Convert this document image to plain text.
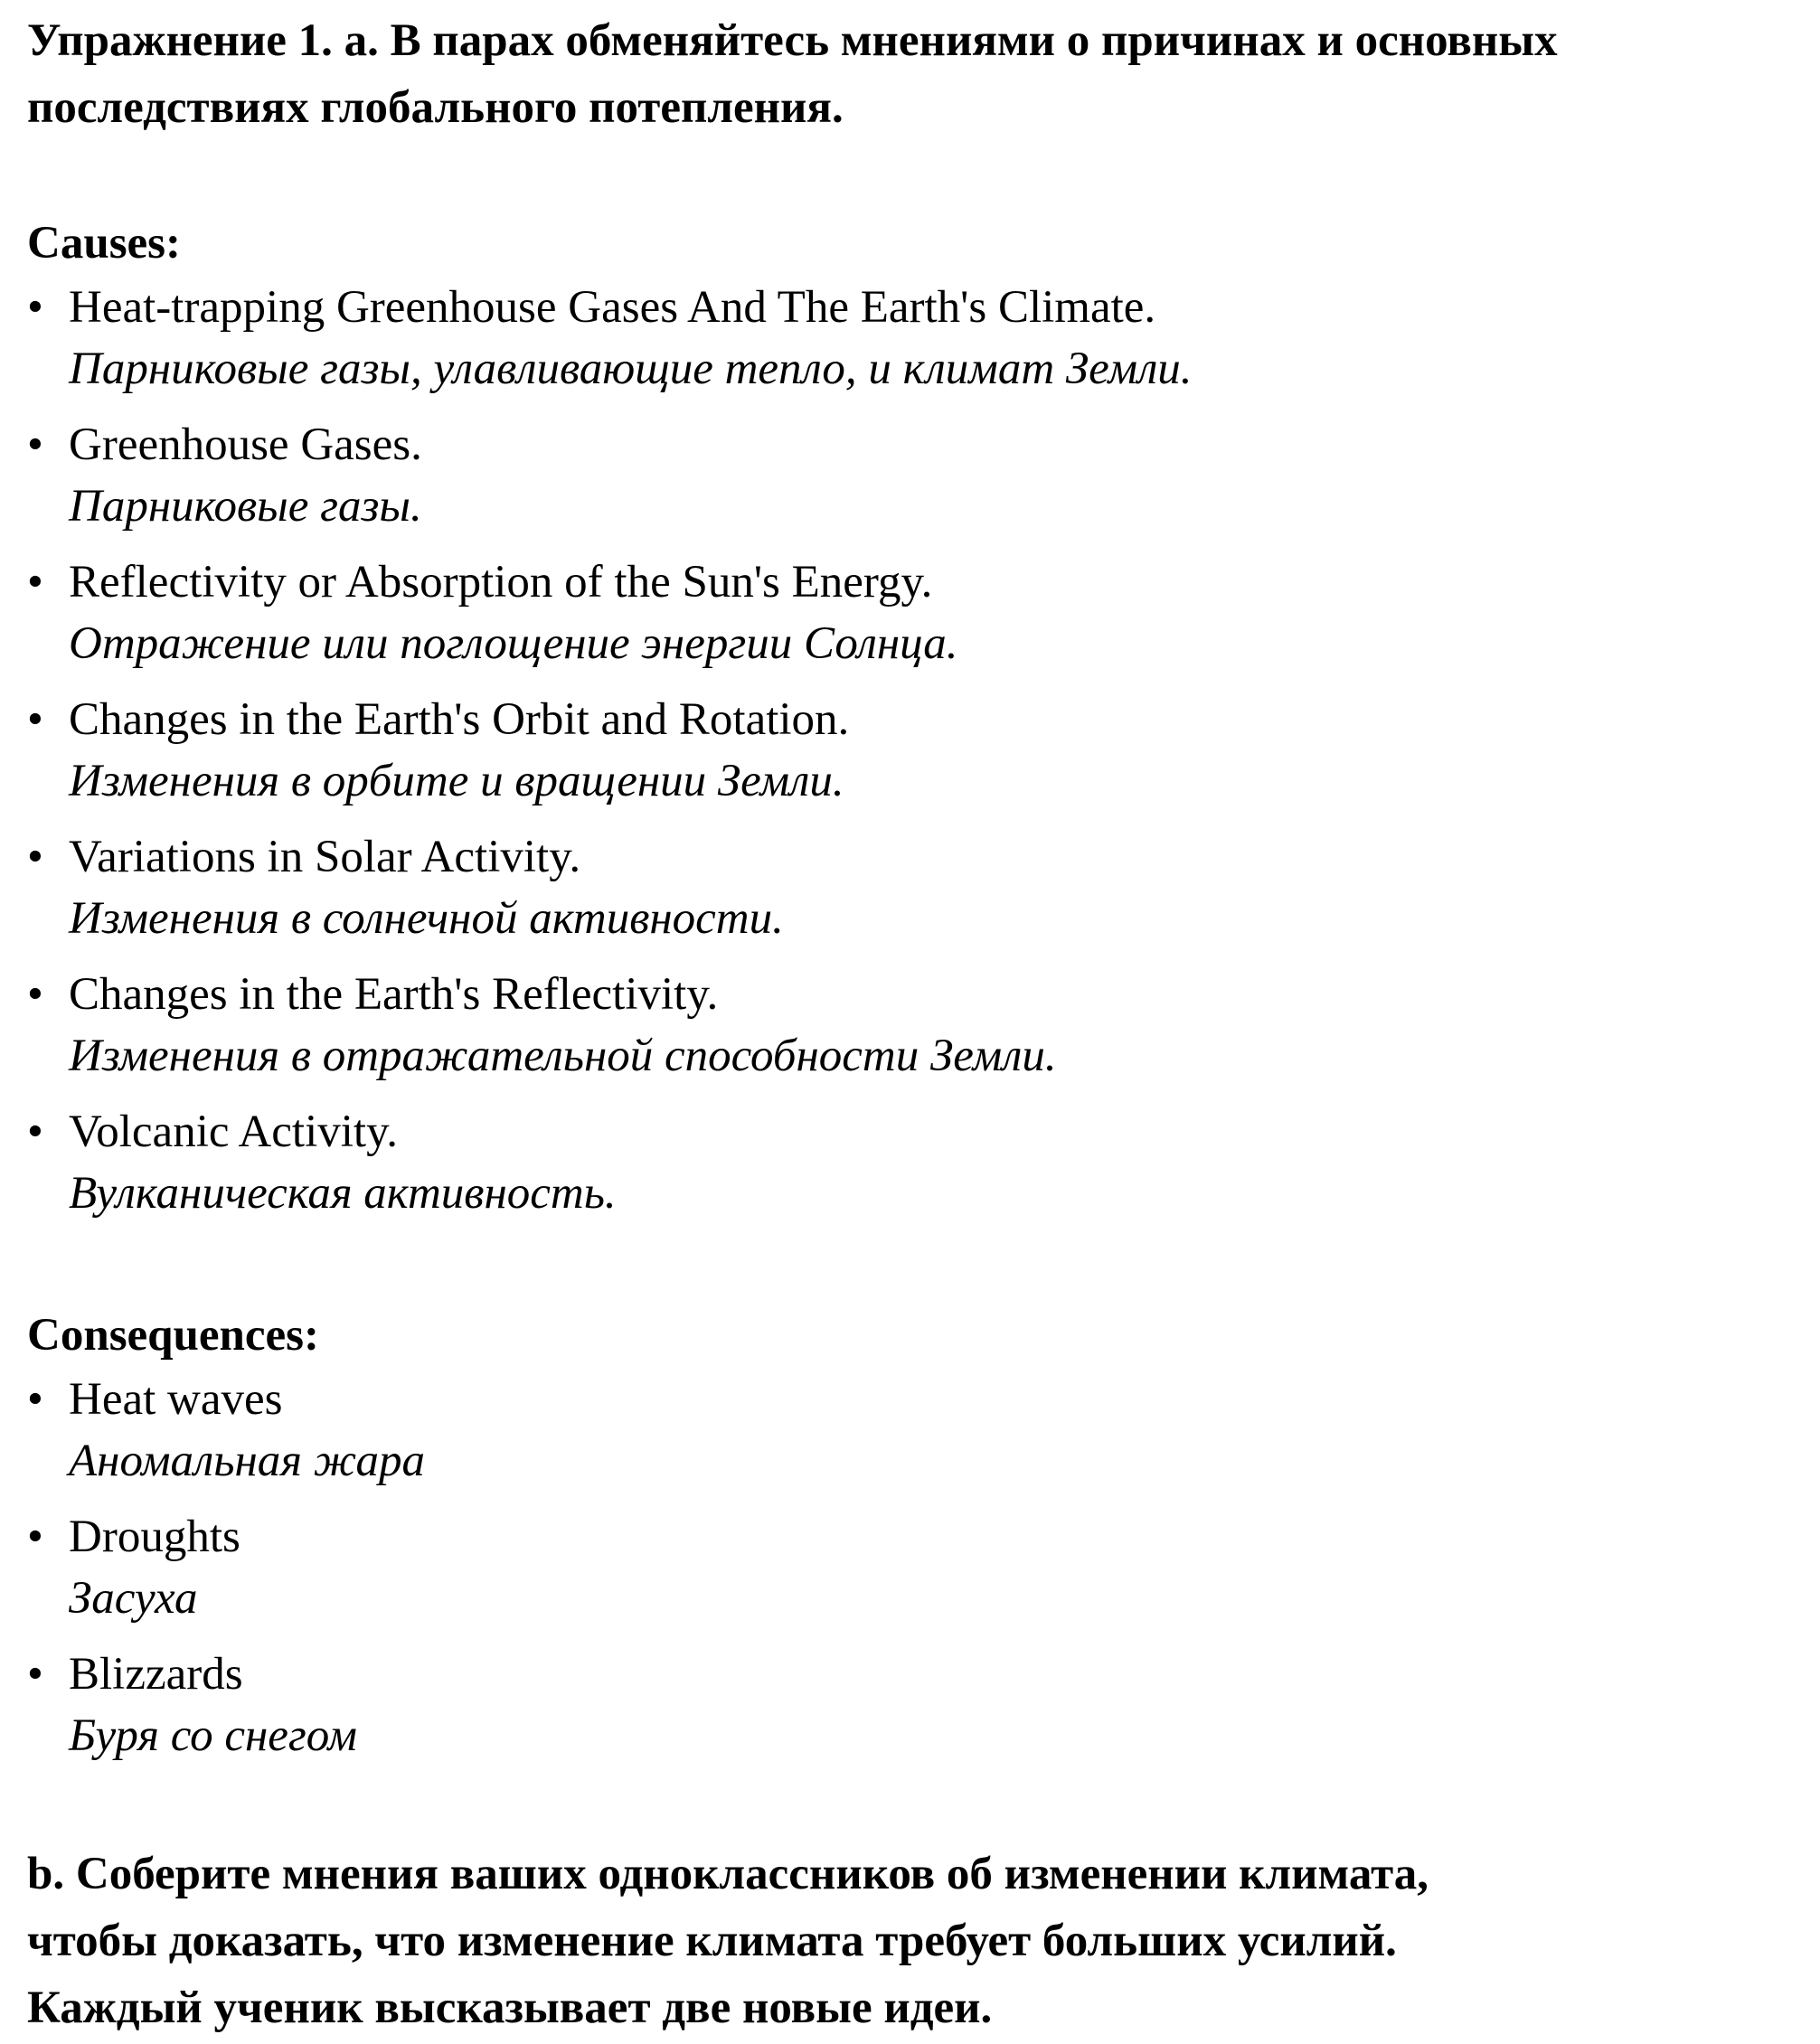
Упражнение 1. a. В парах обменяйтесь мнениями о причинах и основных

последствиях глобального потепления.

Causes:

• Heat-trapping Greenhouse Gases And The Earth's Climate.
Парниковые газы, улавливающие тепло, и климат Земли.
• Greenhouse Gases.
Парниковые газы.
• Reflectivity or Absorption of the Sun's Energy.
Отражение или поглощение энергии Солнца.
• Changes in the Earth's Orbit and Rotation.
Изменения в орбите и вращении Земли.
• Variations in Solar Activity.
Изменения в солнечной активности.
• Changes in the Earth's Reflectivity.
Изменения в отражательной способности Земли.
• Volcanic Activity.
Вулканическая активность.

Consequences:

• Heat waves
Аномальная жара
• Droughts
Засуха
• Blizzards
Буря со снегом

b. Соберите мнения ваших одноклассников об изменении климата,

чтобы доказать, что изменение климата требует больших усилий.

Каждый ученик высказывает две новые идеи.
